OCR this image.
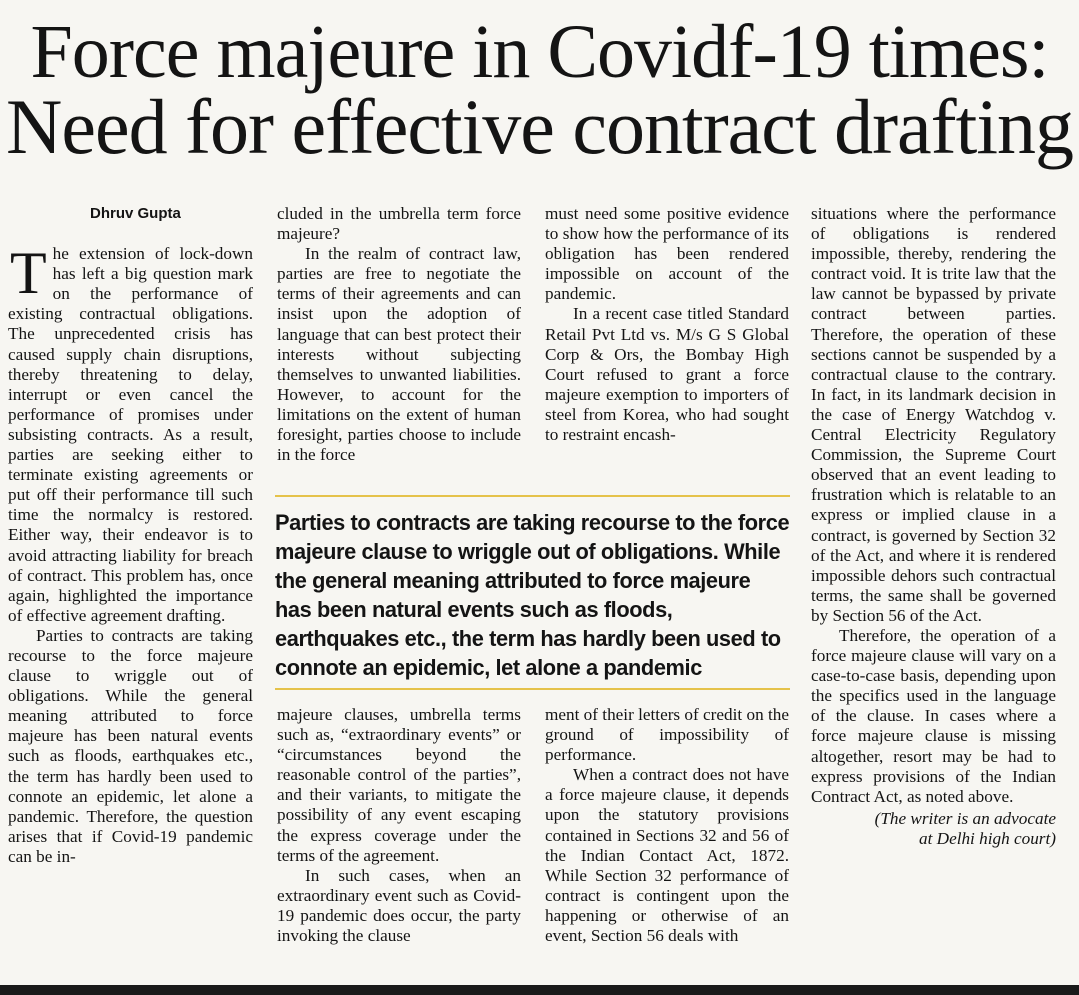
Force majeure in Covidf-19 times:
Need for effective contract drafting
Dhruv Gupta
T he extension of lock-down has left a big question mark on the performance of existing contractual obligations. The unprecedented crisis has caused supply chain disruptions, thereby threatening to delay, interrupt or even cancel the performance of promises under subsisting contracts. As a result, parties are seeking either to terminate existing agreements or put off their performance till such time the normalcy is restored. Either way, their endeavor is to avoid attracting liability for breach of contract. This problem has, once again, highlighted the importance of effective agreement drafting.

Parties to contracts are taking recourse to the force majeure clause to wriggle out of obligations. While the general meaning attributed to force majeure has been natural events such as floods, earthquakes etc., the term has hardly been used to connote an epidemic, let alone a pandemic. Therefore, the question arises that if Covid-19 pandemic can be in-

cluded in the umbrella term force majeure?

In the realm of contract law, parties are free to negotiate the terms of their agreements and can insist upon the adoption of language that can best protect their interests without subjecting themselves to unwanted liabilities. However, to account for the limitations on the extent of human foresight, parties choose to include in the force

must need some positive evidence to show how the performance of its obligation has been rendered impossible on account of the pandemic.

In a recent case titled Standard Retail Pvt Ltd vs. M/s G S Global Corp & Ors, the Bombay High Court refused to grant a force majeure exemption to importers of steel from Korea, who had sought to restraint encash-

Parties to contracts are taking recourse to the force majeure clause to wriggle out of obligations. While the general meaning attributed to force majeure has been natural events such as floods, earthquakes etc., the term has hardly been used to connote an epidemic, let alone a pandemic

majeure clauses, umbrella terms such as, “extraordinary events” or “circumstances beyond the reasonable control of the parties”, and their variants, to mitigate the possibility of any event escaping the express coverage under the terms of the agreement.

In such cases, when an extraordinary event such as Covid-19 pandemic does occur, the party invoking the clause

ment of their letters of credit on the ground of impossibility of performance.

When a contract does not have a force majeure clause, it depends upon the statutory provisions contained in Sections 32 and 56 of the Indian Contact Act, 1872. While Section 32 performance of contract is contingent upon the happening or otherwise of an event, Section 56 deals with

situations where the performance of obligations is rendered impossible, thereby, rendering the contract void. It is trite law that the law cannot be bypassed by private contract between parties. Therefore, the operation of these sections cannot be suspended by a contractual clause to the contrary. In fact, in its landmark decision in the case of Energy Watchdog v. Central Electricity Regulatory Commission, the Supreme Court observed that an event leading to frustration which is relatable to an express or implied clause in a contract, is governed by Section 32 of the Act, and where it is rendered impossible dehors such contractual terms, the same shall be governed by Section 56 of the Act.

Therefore, the operation of a force majeure clause will vary on a case-to-case basis, depending upon the specifics used in the language of the clause. In cases where a force majeure clause is missing altogether, resort may be had to express provisions of the Indian Contract Act, as noted above.

(The writer is an advocate
at Delhi high court)
